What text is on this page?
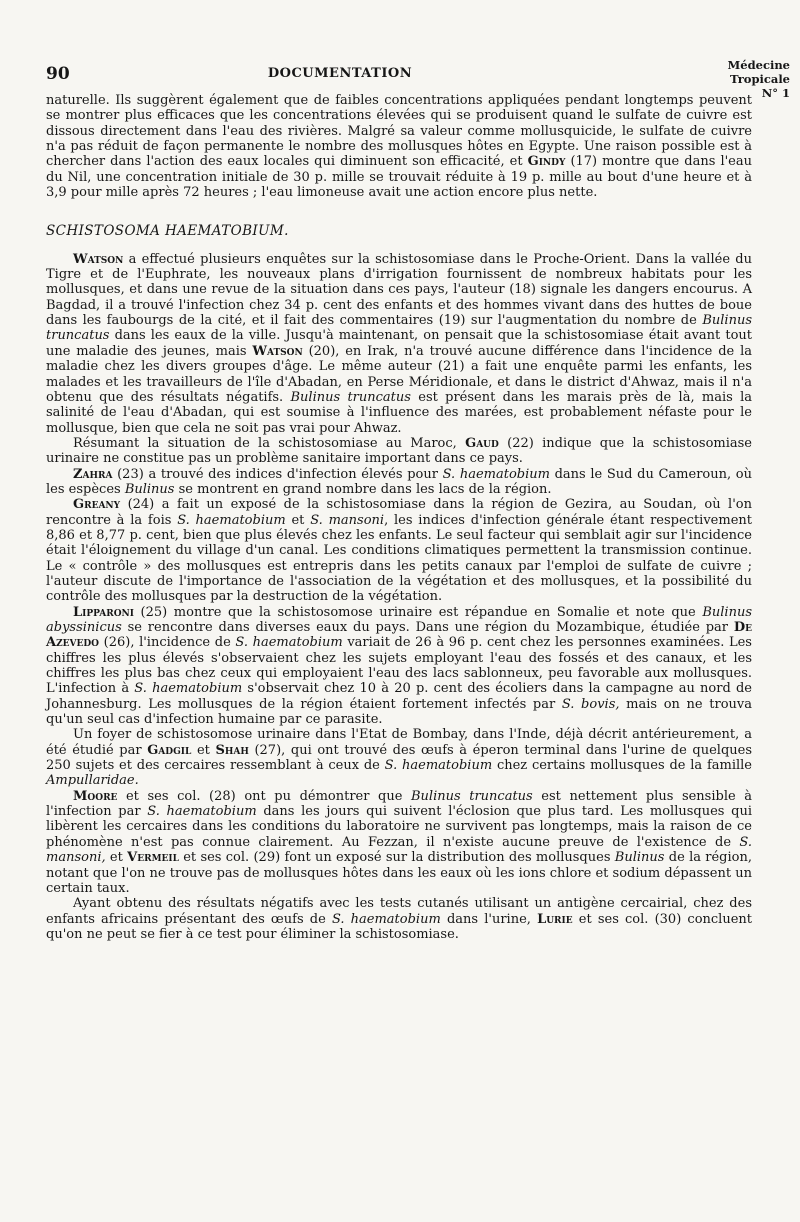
90	DOCUMENTATION
Médecine
Tropicale
N° 1

naturelle. Ils suggèrent également que de faibles concentrations appliquées pendant longtemps peuvent se montrer plus efficaces que les concentrations élevées qui se produisent quand le sulfate de cuivre est dissous directement dans l'eau des rivières. Malgré sa valeur comme mollusquicide, le sulfate de cuivre n'a pas réduit de façon permanente le nombre des mollusques hôtes en Egypte. Une raison possible est à chercher dans l'action des eaux locales qui diminuent son efficacité, et Gindy (17) montre que dans l'eau du Nil, une concentration initiale de 30 p. mille se trouvait réduite à 19 p. mille au bout d'une heure et à 3,9 pour mille après 72 heures ; l'eau limoneuse avait une action encore plus nette.

SCHISTOSOMA HAEMATOBIUM.

Watson a effectué plusieurs enquêtes sur la schistosomiase dans le Proche-Orient. Dans la vallée du Tigre et de l'Euphrate, les nouveaux plans d'irrigation fournissent de nombreux habitats pour les mollusques, et dans une revue de la situation dans ces pays, l'auteur (18) signale les dangers encourus. A Bagdad, il a trouvé l'infection chez 34 p. cent des enfants et des hommes vivant dans des huttes de boue dans les faubourgs de la cité, et il fait des commentaires (19) sur l'augmentation du nombre de Bulinus truncatus dans les eaux de la ville. Jusqu'à maintenant, on pensait que la schistosomiase était avant tout une maladie des jeunes, mais Watson (20), en Irak, n'a trouvé aucune différence dans l'incidence de la maladie chez les divers groupes d'âge. Le même auteur (21) a fait une enquête parmi les enfants, les malades et les travailleurs de l'île d'Abadan, en Perse Méridionale, et dans le district d'Ahwaz, mais il n'a obtenu que des résultats négatifs. Bulinus truncatus est présent dans les marais près de là, mais la salinité de l'eau d'Abadan, qui est soumise à l'influence des marées, est probablement néfaste pour le mollusque, bien que cela ne soit pas vrai pour Ahwaz.

Résumant la situation de la schistosomiase au Maroc, Gaud (22) indique que la schistosomiase urinaire ne constitue pas un problème sanitaire important dans ce pays.

Zahra (23) a trouvé des indices d'infection élevés pour S. haematobium dans le Sud du Cameroun, où les espèces Bulinus se montrent en grand nombre dans les lacs de la région.

Greany (24) a fait un exposé de la schistosomiase dans la région de Gezira, au Soudan, où l'on rencontre à la fois S. haematobium et S. mansoni, les indices d'infection générale étant respectivement 8,86 et 8,77 p. cent, bien que plus élevés chez les enfants. Le seul facteur qui semblait agir sur l'incidence était l'éloignement du village d'un canal. Les conditions climatiques permettent la transmission continue. Le « contrôle » des mollusques est entrepris dans les petits canaux par l'emploi de sulfate de cuivre ; l'auteur discute de l'importance de l'association de la végétation et des mollusques, et la possibilité du contrôle des mollusques par la destruction de la végétation.

Lipparoni (25) montre que la schistosomose urinaire est répandue en Somalie et note que Bulinus abyssinicus se rencontre dans diverses eaux du pays. Dans une région du Mozambique, étudiée par De Azevedo (26), l'incidence de S. haematobium variait de 26 à 96 p. cent chez les personnes examinées. Les chiffres les plus élevés s'observaient chez les sujets employant l'eau des fossés et des canaux, et les chiffres les plus bas chez ceux qui employaient l'eau des lacs sablonneux, peu favorable aux mollusques. L'infection à S. haematobium s'observait chez 10 à 20 p. cent des écoliers dans la campagne au nord de Johannesburg. Les mollusques de la région étaient fortement infectés par S. bovis, mais on ne trouva qu'un seul cas d'infection humaine par ce parasite.

Un foyer de schistosomose urinaire dans l'Etat de Bombay, dans l'Inde, déjà décrit antérieurement, a été étudié par Gadgil et Shah (27), qui ont trouvé des œufs à éperon terminal dans l'urine de quelques 250 sujets et des cercaires ressemblant à ceux de S. haematobium chez certains mollusques de la famille Ampullaridae.

Moore et ses col. (28) ont pu démontrer que Bulinus truncatus est nettement plus sensible à l'infection par S. haematobium dans les jours qui suivent l'éclosion que plus tard. Les mollusques qui libèrent les cercaires dans les conditions du laboratoire ne survivent pas longtemps, mais la raison de ce phénomène n'est pas connue clairement. Au Fezzan, il n'existe aucune preuve de l'existence de S. mansoni, et Vermeil et ses col. (29) font un exposé sur la distribution des mollusques Bulinus de la région, notant que l'on ne trouve pas de mollusques hôtes dans les eaux où les ions chlore et sodium dépassent un certain taux.

Ayant obtenu des résultats négatifs avec les tests cutanés utilisant un antigène cercairial, chez des enfants africains présentant des œufs de S. haematobium dans l'urine, Lurie et ses col. (30) concluent qu'on ne peut se fier à ce test pour éliminer la schistosomiase.
